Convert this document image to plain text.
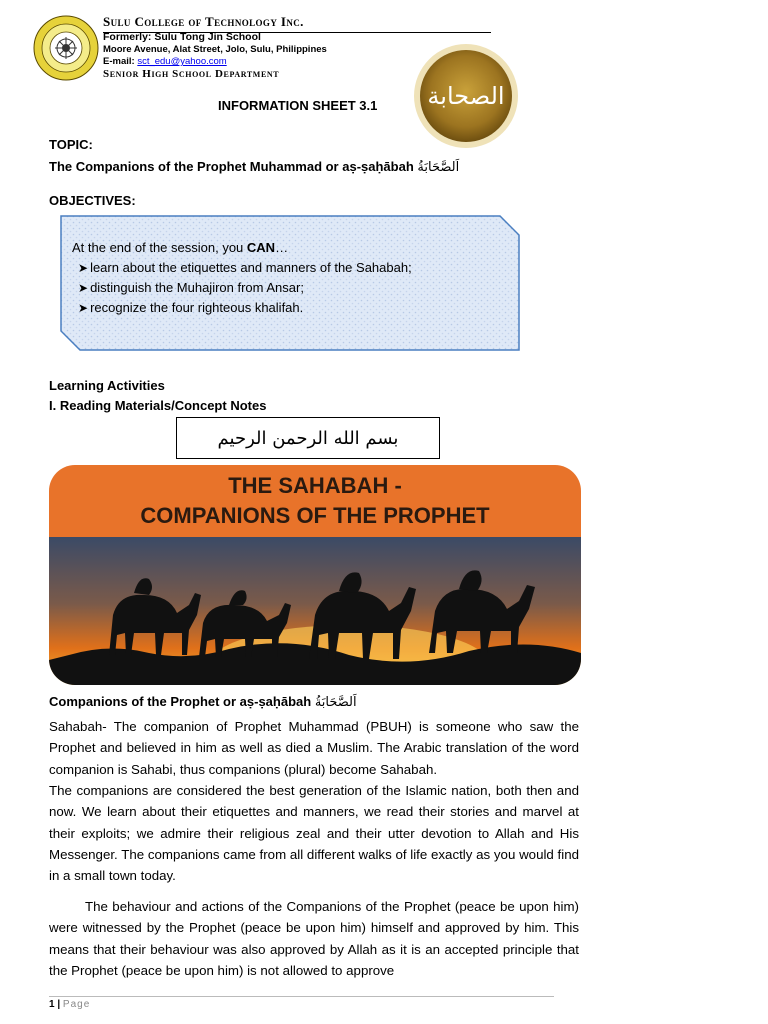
Sulu College of Technology Inc.
Formerly: Sulu Tong Jin School
Moore Avenue, Alat Street, Jolo, Sulu, Philippines
E-mail: sct_edu@yahoo.com
Senior High School Department
الصحابة
INFORMATION SHEET 3.1
TOPIC:
The Companions of the Prophet Muhammad or aṣ-ṣaḥābah اَلصَّحَابَةُ
OBJECTIVES:
At the end of the session, you CAN…
➤ learn about the etiquettes and manners of the Sahabah;
➤ distinguish the Muhajiron from Ansar;
➤ recognize the four righteous khalifah.
Learning Activities
I. Reading Materials/Concept Notes
بسم الله الرحمن الرحيم
THE SAHABAH -
COMPANIONS OF THE PROPHET
Companions of the Prophet or aṣ-ṣaḥābah اَلصَّحَابَةُ
Sahabah- The companion of Prophet Muhammad (PBUH) is someone who saw the Prophet and believed in him as well as died a Muslim. The Arabic translation of the word companion is Sahabi, thus companions (plural) become Sahabah.
The companions are considered the best generation of the Islamic nation, both then and now. We learn about their etiquettes and manners, we read their stories and marvel at their exploits; we admire their religious zeal and their utter devotion to Allah and His Messenger. The companions came from all different walks of life exactly as you would find in a small town today.
The behaviour and actions of the Companions of the Prophet (peace be upon him) were witnessed by the Prophet (peace be upon him) himself and approved by him. This means that their behaviour was also approved by Allah as it is an accepted principle that the Prophet (peace be upon him) is not allowed to approve
1 | Page
